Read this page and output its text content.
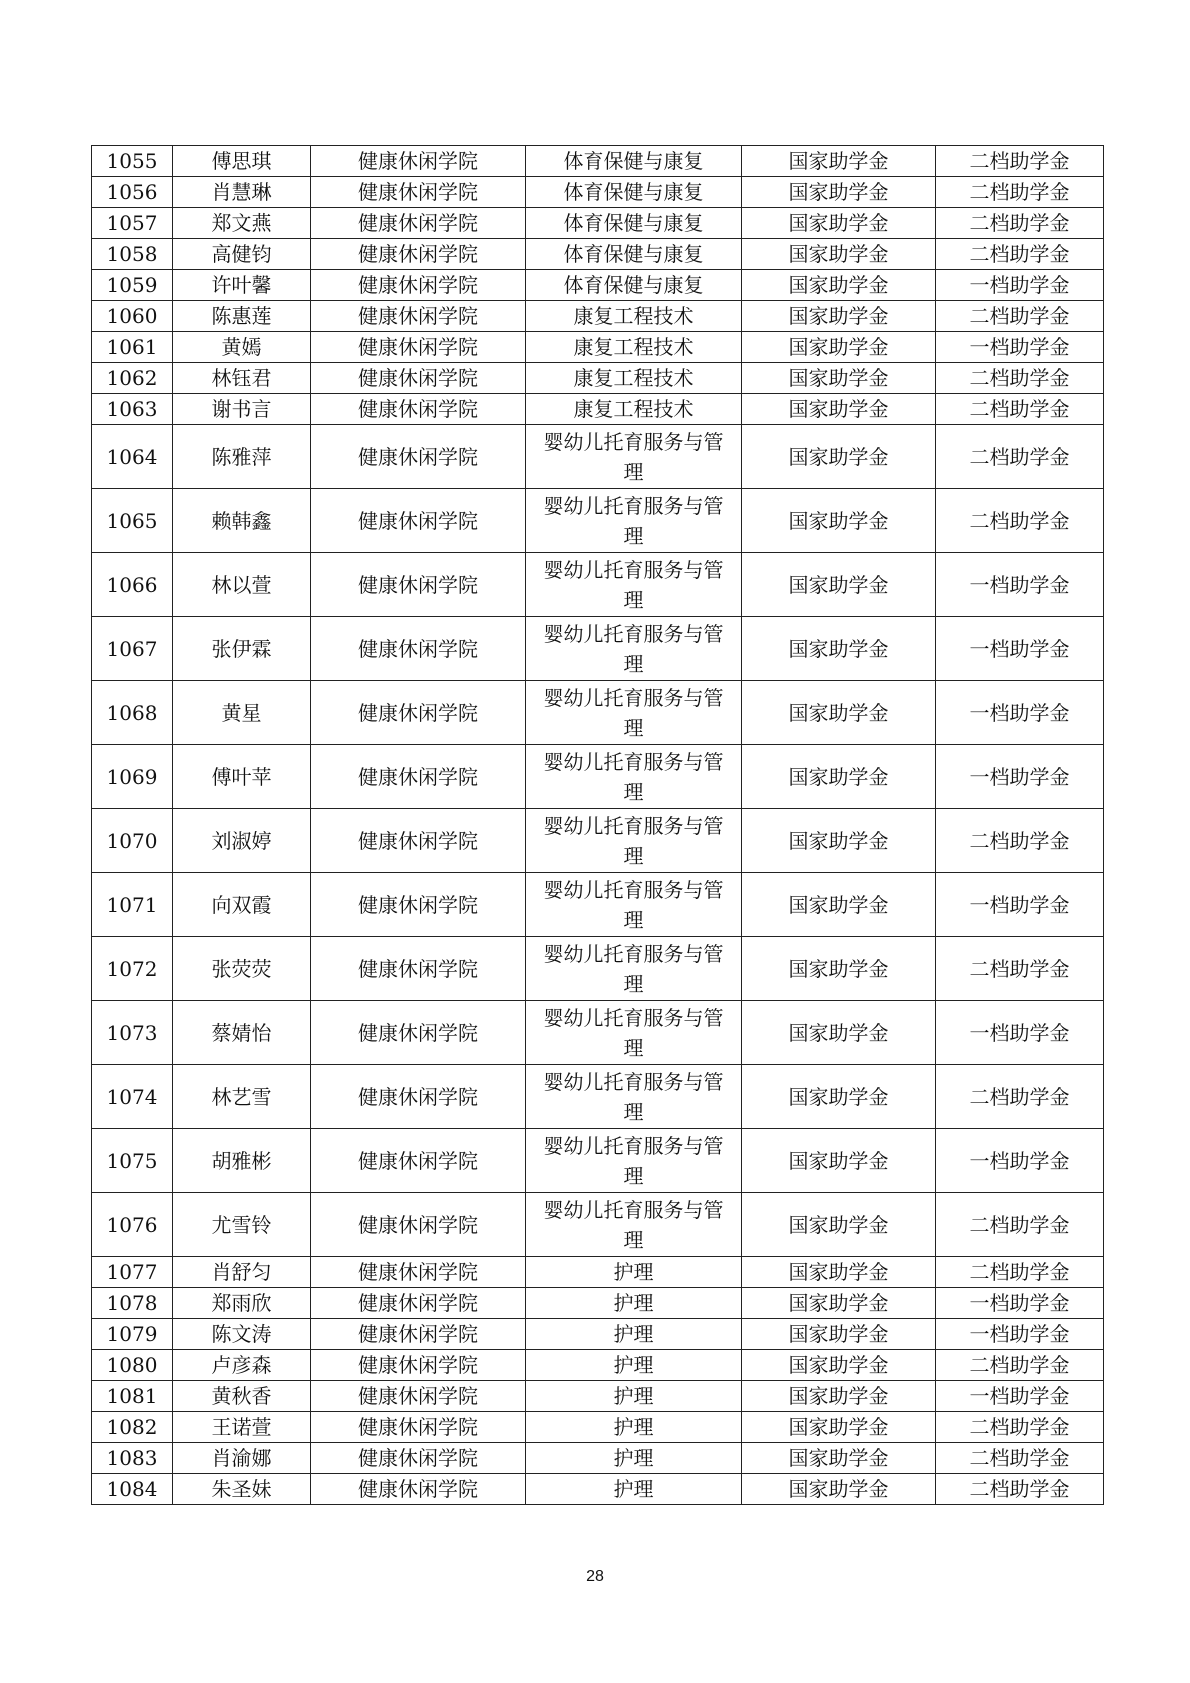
1055	傅思琪	健康休闲学院	体育保健与康复	国家助学金	二档助学金
1056	肖慧琳	健康休闲学院	体育保健与康复	国家助学金	二档助学金
1057	郑文燕	健康休闲学院	体育保健与康复	国家助学金	二档助学金
1058	高健钧	健康休闲学院	体育保健与康复	国家助学金	二档助学金
1059	许叶馨	健康休闲学院	体育保健与康复	国家助学金	一档助学金
1060	陈惠莲	健康休闲学院	康复工程技术	国家助学金	二档助学金
1061	黄嫣	健康休闲学院	康复工程技术	国家助学金	一档助学金
1062	林钰君	健康休闲学院	康复工程技术	国家助学金	二档助学金
1063	谢书言	健康休闲学院	康复工程技术	国家助学金	二档助学金
1064	陈雅萍	健康休闲学院	婴幼儿托育服务与管理	国家助学金	二档助学金
1065	赖韩鑫	健康休闲学院	婴幼儿托育服务与管理	国家助学金	二档助学金
1066	林以萱	健康休闲学院	婴幼儿托育服务与管理	国家助学金	一档助学金
1067	张伊霖	健康休闲学院	婴幼儿托育服务与管理	国家助学金	一档助学金
1068	黄星	健康休闲学院	婴幼儿托育服务与管理	国家助学金	一档助学金
1069	傅叶苹	健康休闲学院	婴幼儿托育服务与管理	国家助学金	一档助学金
1070	刘淑婷	健康休闲学院	婴幼儿托育服务与管理	国家助学金	二档助学金
1071	向双霞	健康休闲学院	婴幼儿托育服务与管理	国家助学金	一档助学金
1072	张荧荧	健康休闲学院	婴幼儿托育服务与管理	国家助学金	二档助学金
1073	蔡婧怡	健康休闲学院	婴幼儿托育服务与管理	国家助学金	一档助学金
1074	林艺雪	健康休闲学院	婴幼儿托育服务与管理	国家助学金	二档助学金
1075	胡雅彬	健康休闲学院	婴幼儿托育服务与管理	国家助学金	一档助学金
1076	尤雪铃	健康休闲学院	婴幼儿托育服务与管理	国家助学金	二档助学金
1077	肖舒匀	健康休闲学院	护理	国家助学金	二档助学金
1078	郑雨欣	健康休闲学院	护理	国家助学金	一档助学金
1079	陈文涛	健康休闲学院	护理	国家助学金	一档助学金
1080	卢彦森	健康休闲学院	护理	国家助学金	二档助学金
1081	黄秋香	健康休闲学院	护理	国家助学金	一档助学金
1082	王诺萱	健康休闲学院	护理	国家助学金	二档助学金
1083	肖渝娜	健康休闲学院	护理	国家助学金	二档助学金
1084	朱圣妹	健康休闲学院	护理	国家助学金	二档助学金
28
